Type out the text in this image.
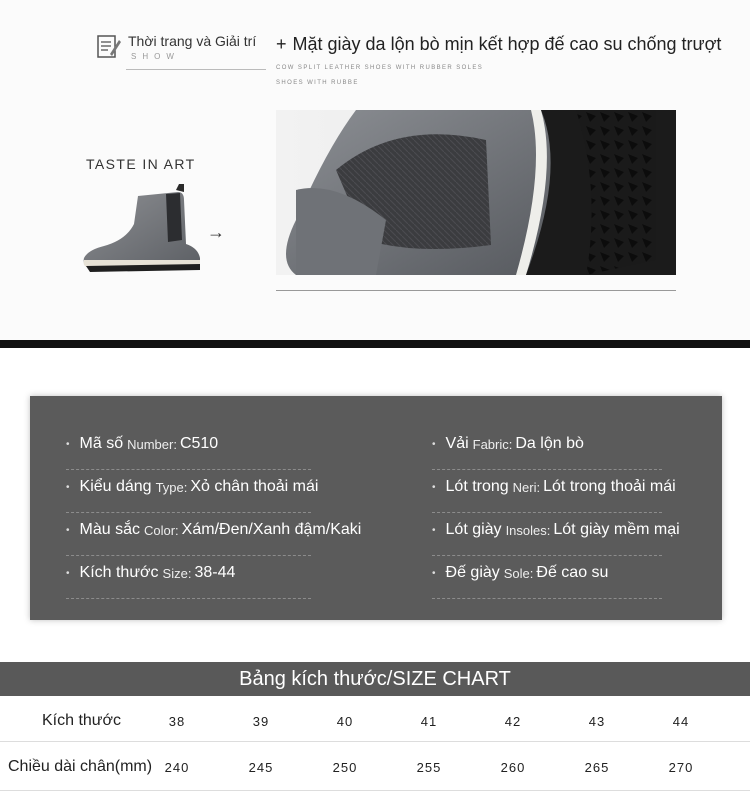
Thời trang và Giải trí
SHOW
+ Mặt giày da lộn bò mịn kết hợp đế cao su chống trượt
COW SPLIT LEATHER SHOES WITH RUBBER SOLES
SHOES WITH RUBBE
TASTE IN ART
→
• Mã số Number: C510	• Vải Fabric: Da lộn bò
• Kiểu dáng Type: Xỏ chân thoải mái	• Lót trong Neri: Lót trong thoải mái
• Màu sắc Color: Xám/Đen/Xanh đậm/Kaki	• Lót giày Insoles: Lót giày mềm mại
• Kích thước Size: 38-44	• Đế giày Sole: Đế cao su
Bảng kích thước/SIZE CHART
Kích thước	38	39	40	41	42	43	44
Chiều dài chân(mm) 240	245	250	255	260	265	270
